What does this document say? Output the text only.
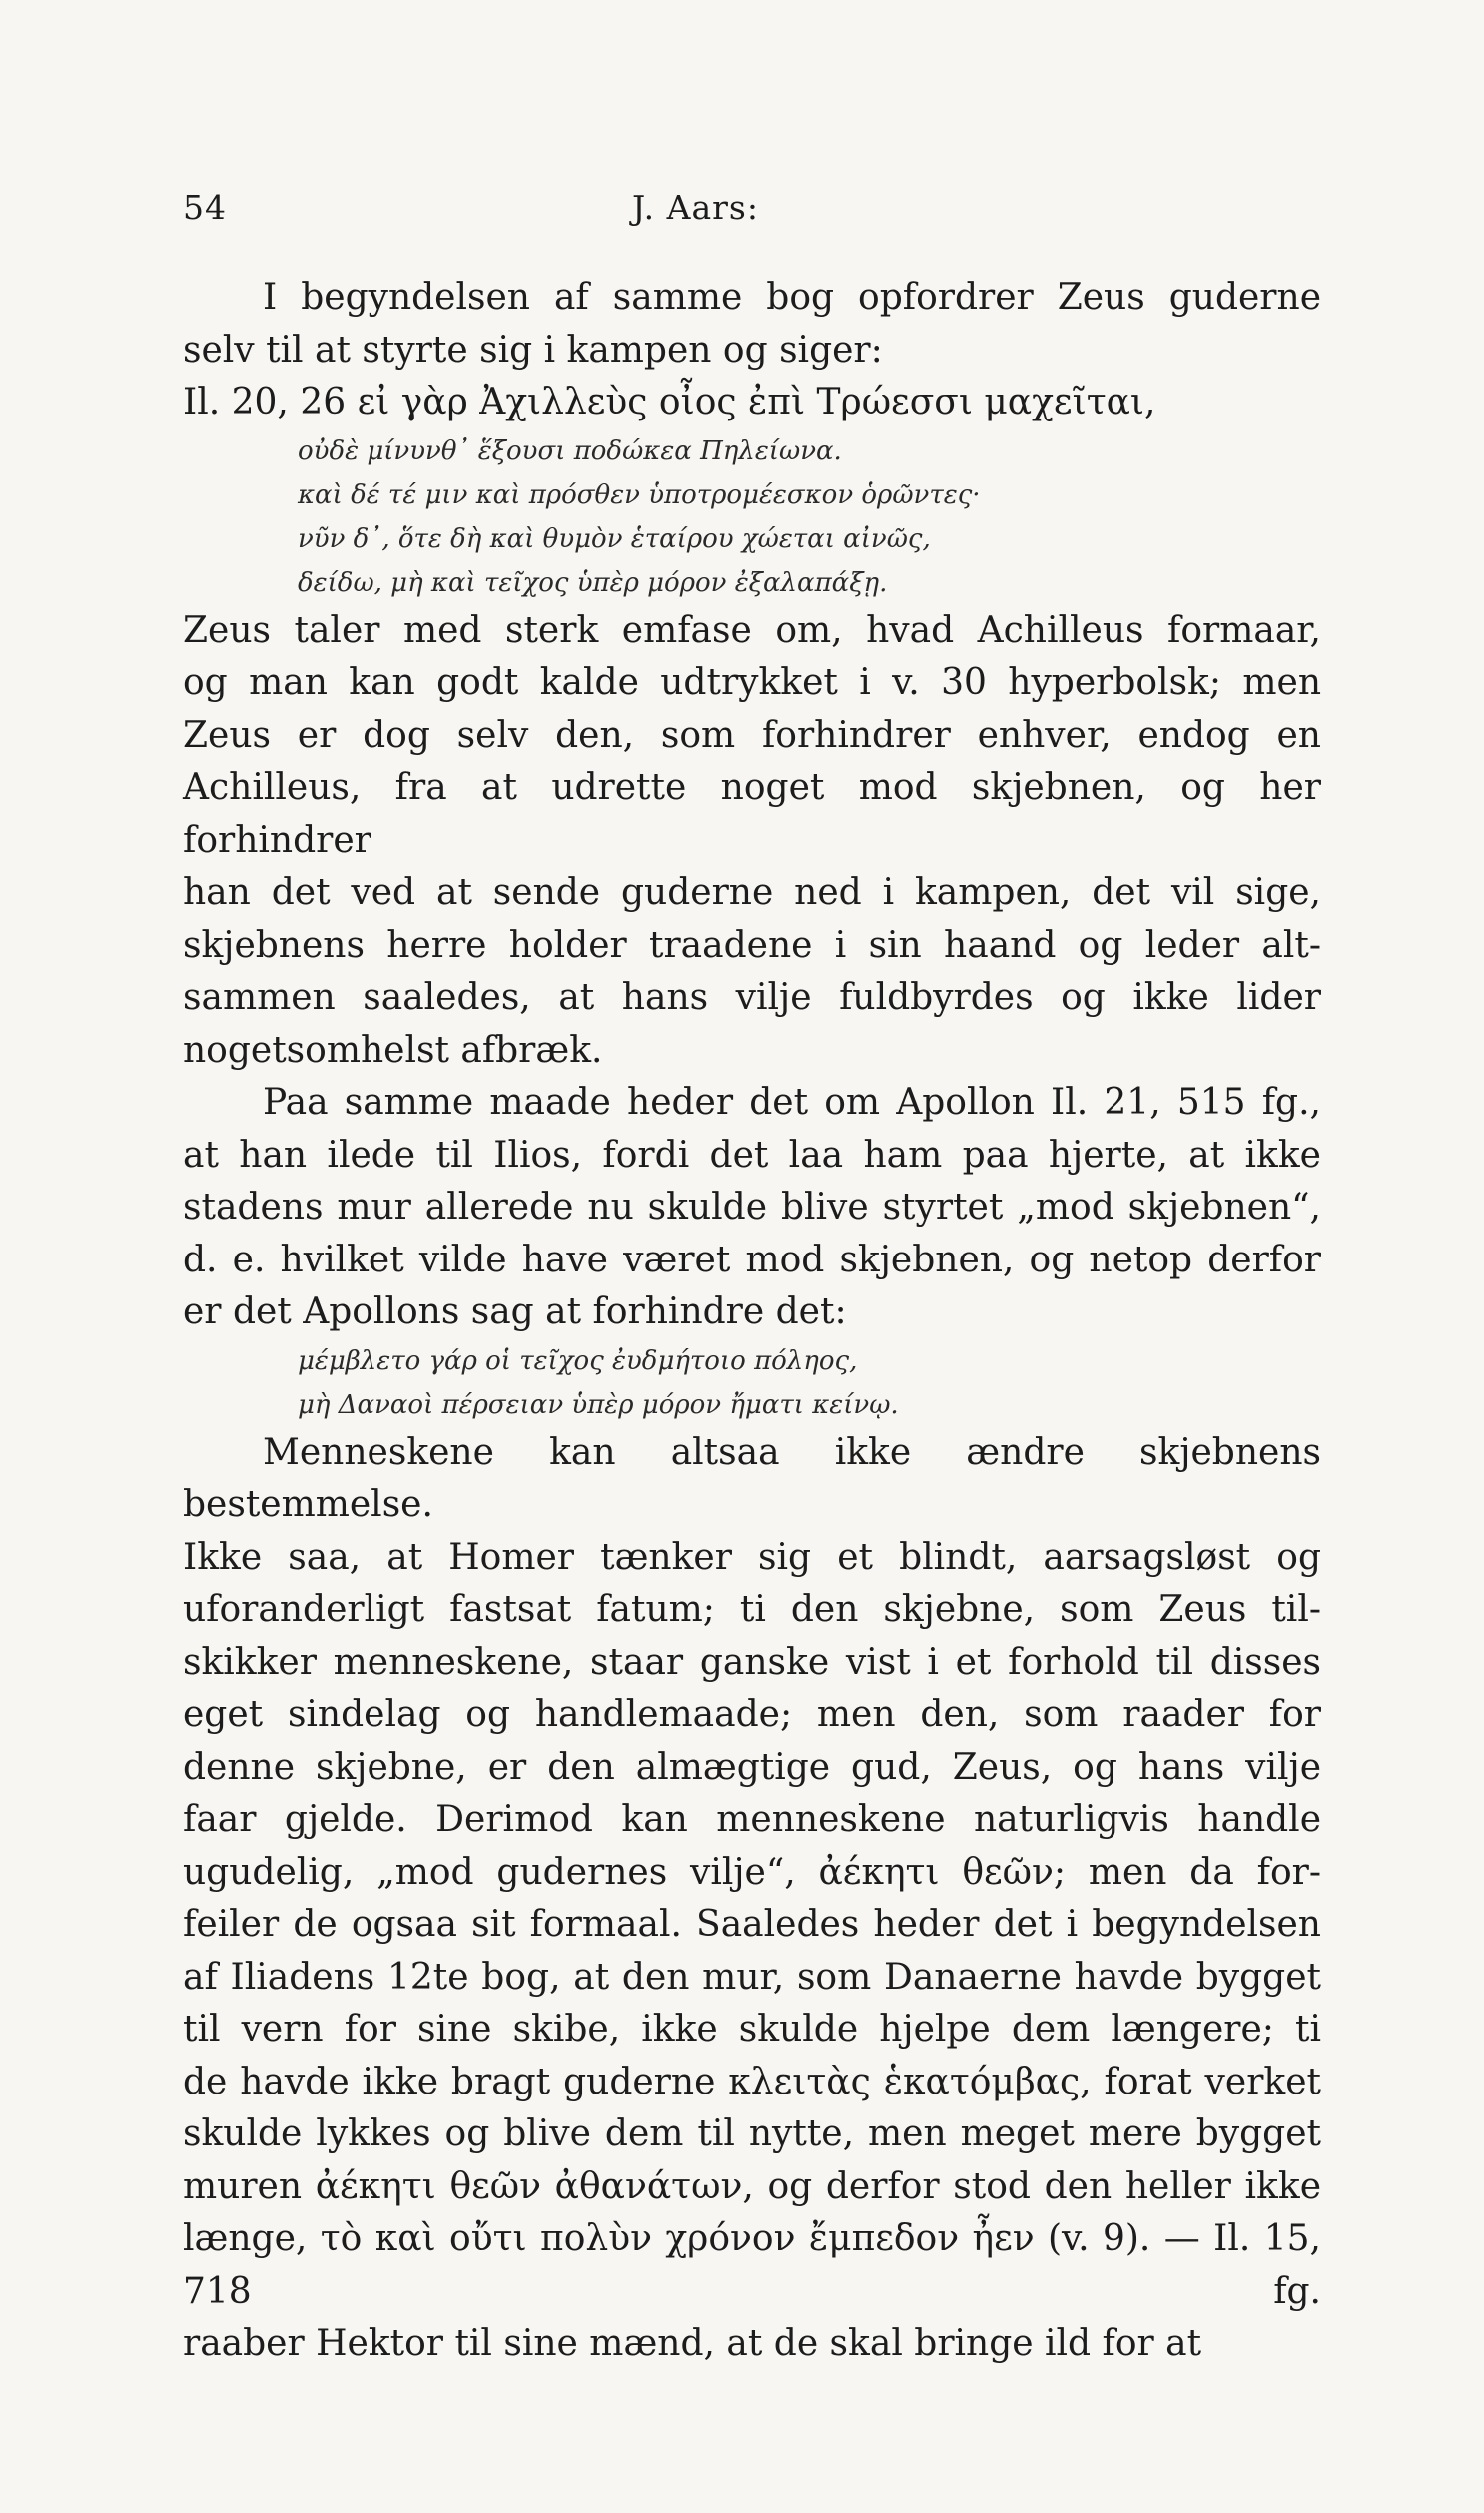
54	J. Aars:
I begyndelsen af samme bog opfordrer Zeus guderne
selv til at styrte sig i kampen og siger:
Il. 20, 26 εἰ γὰρ Ἀχιλλεὺς οἶος ἐπὶ Τρώεσσι μαχεῖται,
οὐδὲ μίνυνθ᾽ ἕξουσι ποδώκεα Πηλείωνα.
καὶ δέ τέ μιν καὶ πρόσθεν ὑποτρομέεσκον ὁρῶντες·
νῦν δ᾽, ὅτε δὴ καὶ θυμὸν ἑταίρου χώεται αἰνῶς,
δείδω, μὴ καὶ τεῖχος ὑπὲρ μόρον ἐξαλαπάξῃ.
Zeus taler med sterk emfase om, hvad Achilleus formaar,
og man kan godt kalde udtrykket i v. 30 hyperbolsk; men
Zeus er dog selv den, som forhindrer enhver, endog en
Achilleus, fra at udrette noget mod skjebnen, og her forhindrer
han det ved at sende guderne ned i kampen, det vil sige,
skjebnens herre holder traadene i sin haand og leder alt-
sammen saaledes, at hans vilje fuldbyrdes og ikke lider
nogetsomhelst afbræk.
Paa samme maade heder det om Apollon Il. 21, 515 fg.,
at han ilede til Ilios, fordi det laa ham paa hjerte, at ikke
stadens mur allerede nu skulde blive styrtet „mod skjebnen“,
d. e. hvilket vilde have været mod skjebnen, og netop derfor
er det Apollons sag at forhindre det:
μέμβλετο γάρ οἱ τεῖχος ἐυδμήτοιο πόληος,
μὴ Δαναοὶ πέρσειαν ὑπὲρ μόρον ἤματι κείνῳ.
Menneskene kan altsaa ikke ændre skjebnens bestemmelse.
Ikke saa, at Homer tænker sig et blindt, aarsagsløst og
uforanderligt fastsat fatum; ti den skjebne, som Zeus til-
skikker menneskene, staar ganske vist i et forhold til disses
eget sindelag og handlemaade; men den, som raader for
denne skjebne, er den almægtige gud, Zeus, og hans vilje
faar gjelde. Derimod kan menneskene naturligvis handle
ugudelig, „mod gudernes vilje“, ἀέκητι θεῶν; men da for-
feiler de ogsaa sit formaal. Saaledes heder det i begyndelsen
af Iliadens 12te bog, at den mur, som Danaerne havde bygget
til vern for sine skibe, ikke skulde hjelpe dem længere; ti
de havde ikke bragt guderne κλειτὰς ἑκατόμβας, forat verket
skulde lykkes og blive dem til nytte, men meget mere bygget
muren ἀέκητι θεῶν ἀθανάτων, og derfor stod den heller ikke
længe, τὸ καὶ οὔτι πολὺν χρόνον ἔμπεδον ἦεν (v. 9). — Il. 15, 718 fg.
raaber Hektor til sine mænd, at de skal bringe ild for at
